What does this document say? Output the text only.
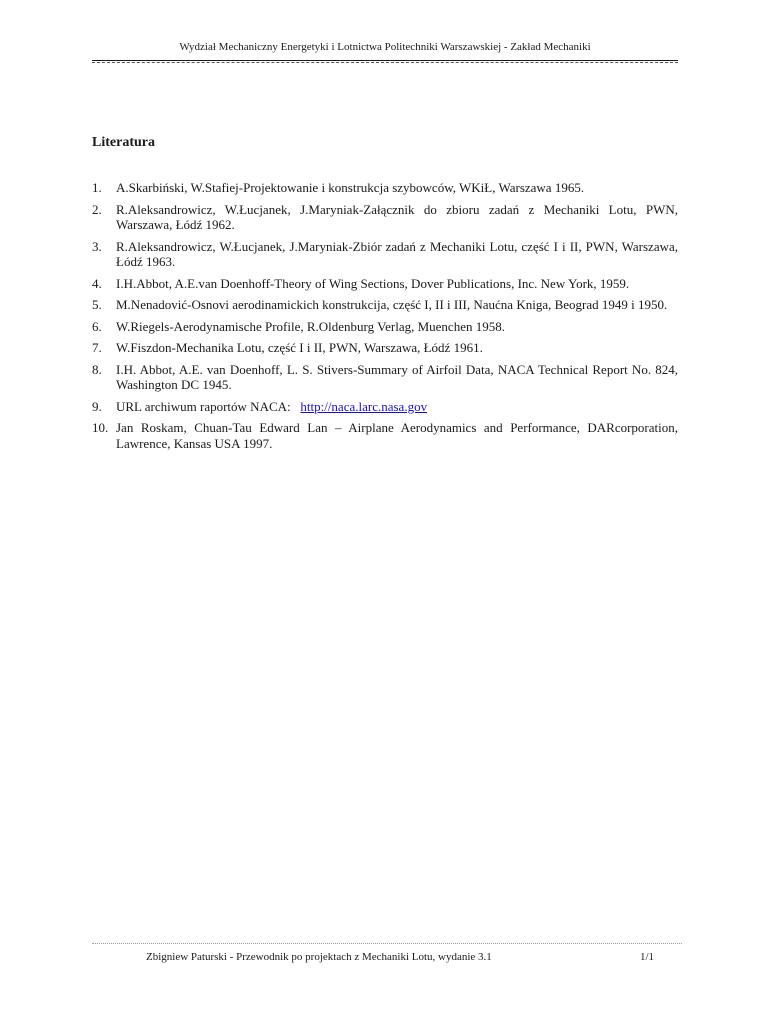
Wydział Mechaniczny Energetyki i Lotnictwa Politechniki Warszawskiej - Zakład Mechaniki
Literatura
1. A.Skarbiński, W.Stafiej-Projektowanie i konstrukcja szybowców, WKiŁ, Warszawa 1965.
2. R.Aleksandrowicz, W.Łucjanek, J.Maryniak-Załącznik do zbioru zadań z Mechaniki Lotu, PWN, Warszawa, Łódź 1962.
3. R.Aleksandrowicz, W.Łucjanek, J.Maryniak-Zbiór zadań z Mechaniki Lotu, część I i II, PWN, Warszawa, Łódź 1963.
4. I.H.Abbot, A.E.van Doenhoff-Theory of Wing Sections, Dover Publications, Inc. New York, 1959.
5. M.Nenadović-Osnovi aerodinamickich konstrukcija, część I, II i III, Naućna Kniga, Beograd 1949 i 1950.
6. W.Riegels-Aerodynamische Profile, R.Oldenburg Verlag, Muenchen 1958.
7. W.Fiszdon-Mechanika Lotu, część I i II, PWN, Warszawa, Łódź 1961.
8. I.H. Abbot, A.E. van Doenhoff, L. S. Stivers-Summary of Airfoil Data, NACA Technical Report No. 824, Washington DC 1945.
9. URL archiwum raportów NACA: http://naca.larc.nasa.gov
10. Jan Roskam, Chuan-Tau Edward Lan – Airplane Aerodynamics and Performance, DARcorporation, Lawrence, Kansas USA 1997.
Zbigniew Paturski - Przewodnik po projektach z Mechaniki Lotu, wydanie 3.1	1/1
